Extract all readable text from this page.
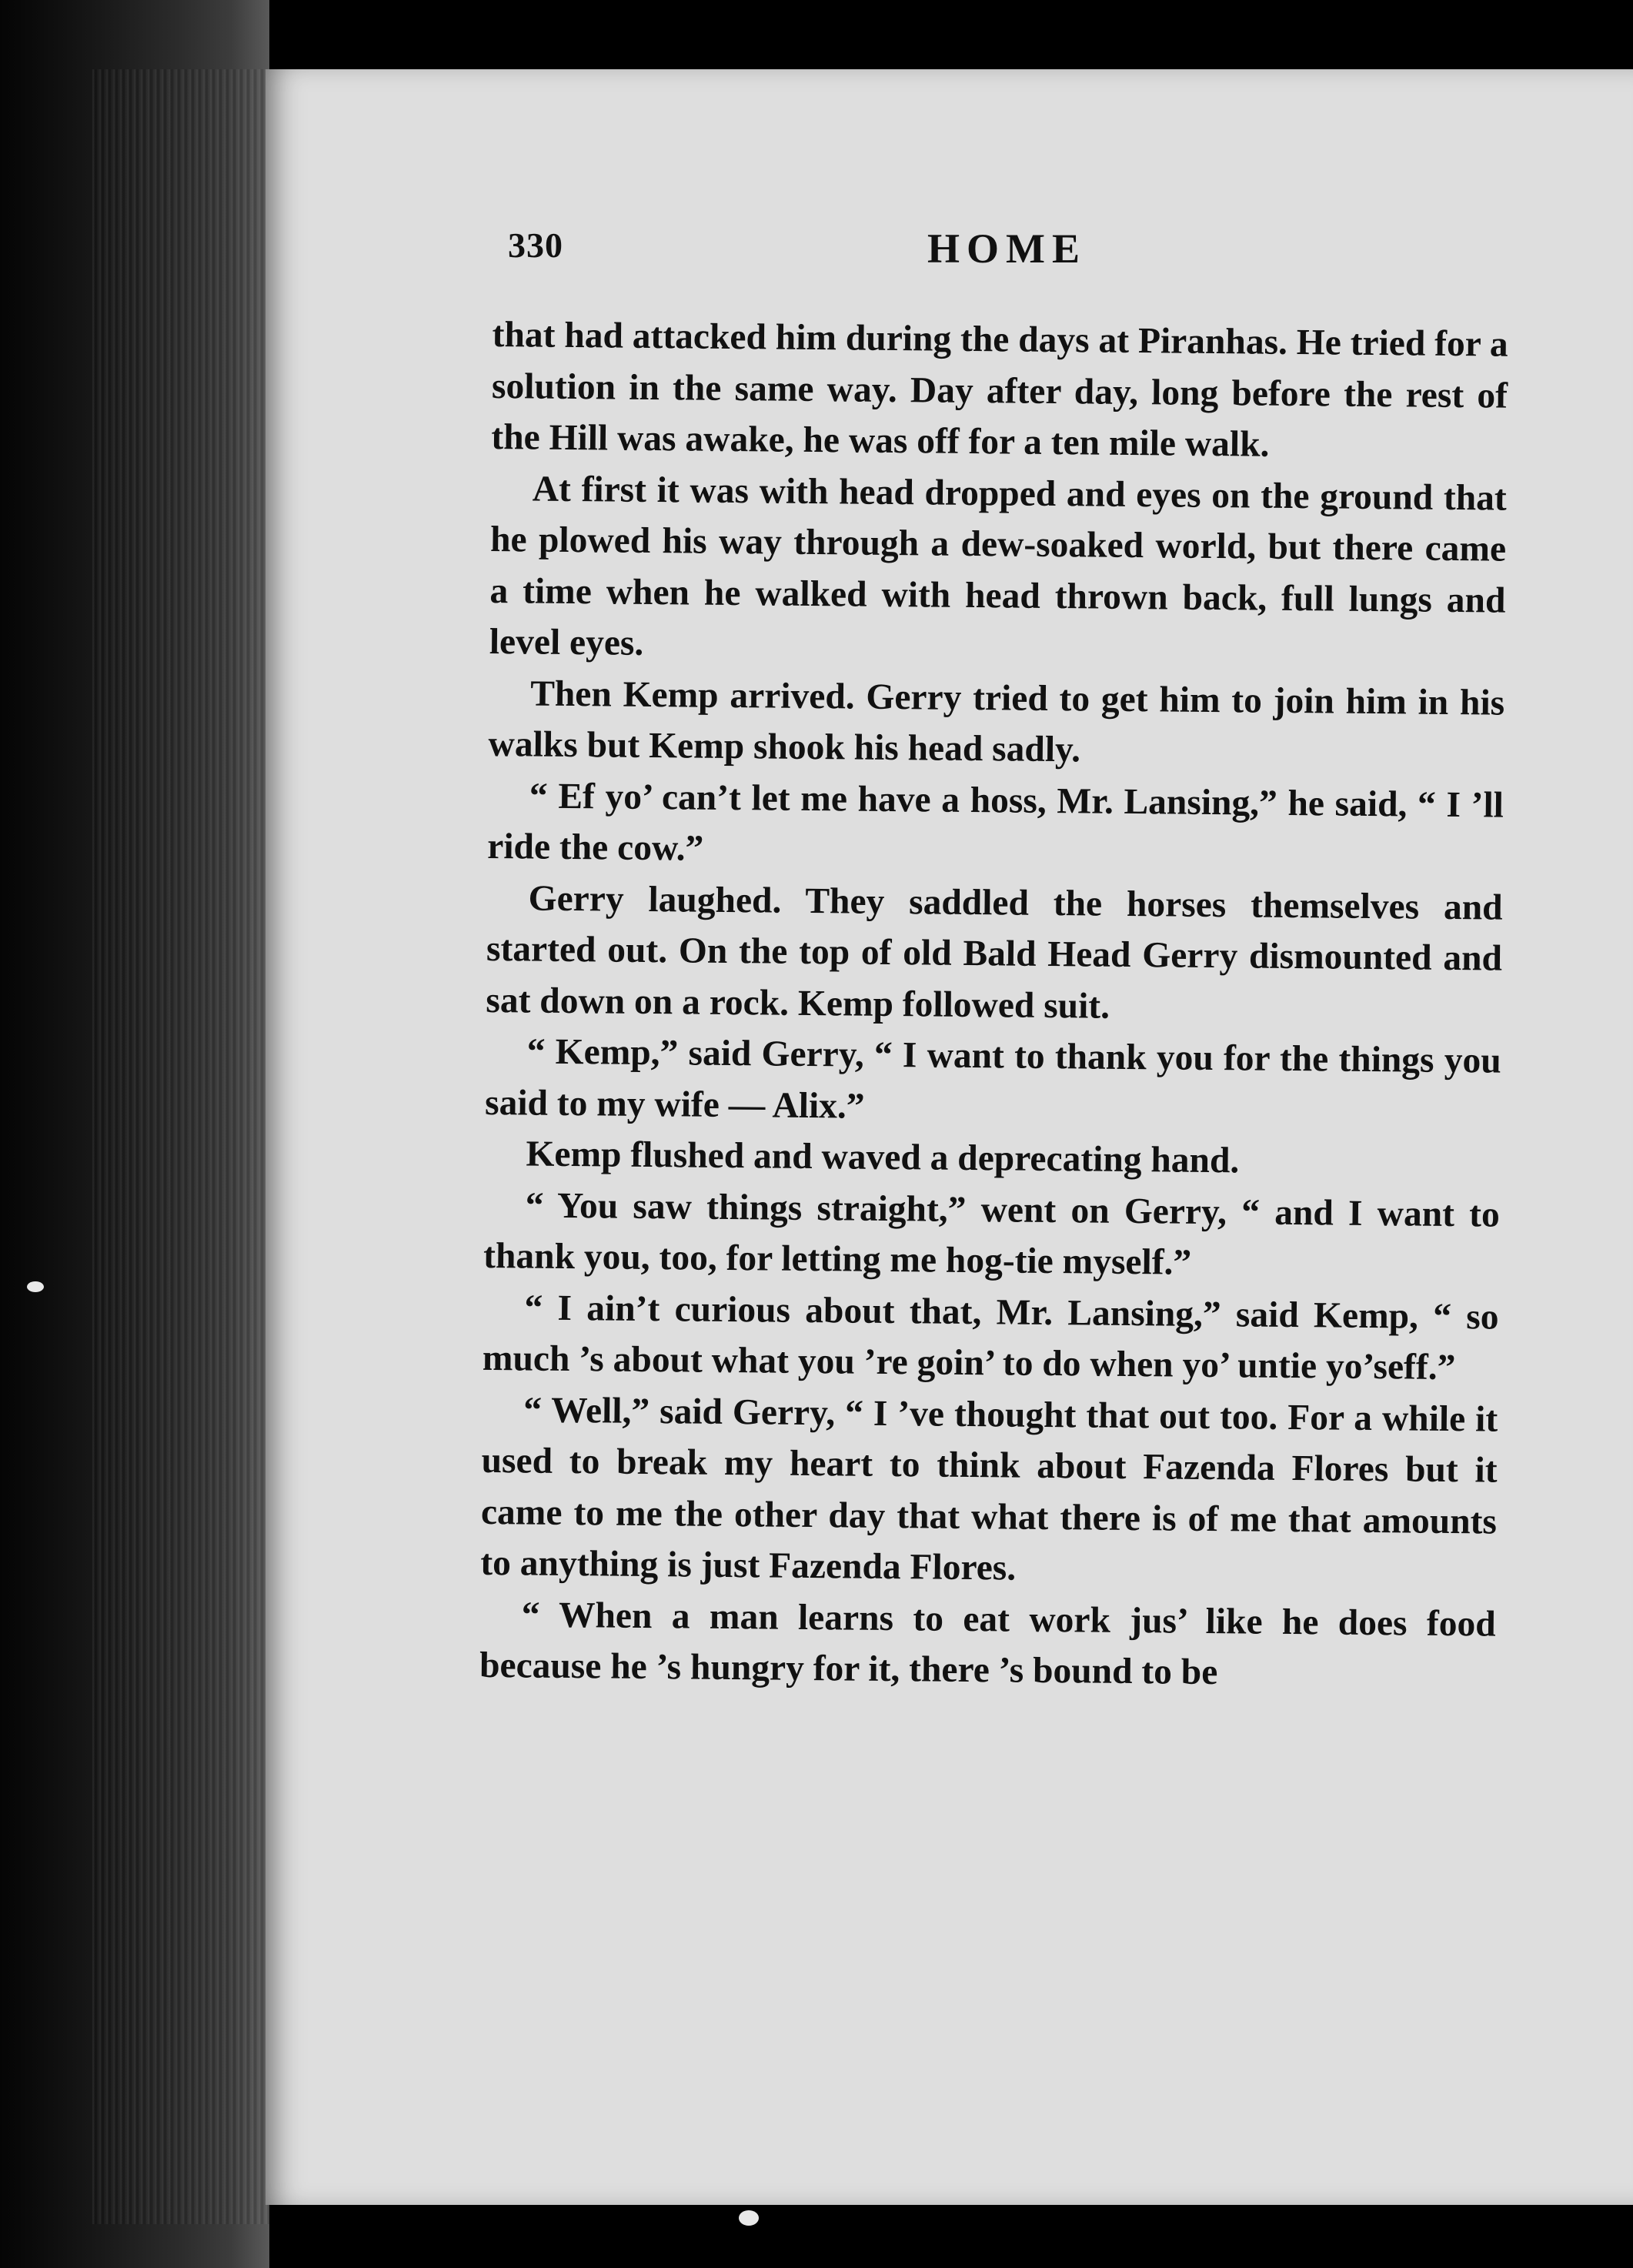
330	HOME

that had attacked him during the days at Piranhas. He tried for a solution in the same way. Day after day, long before the rest of the Hill was awake, he was off for a ten mile walk.

At first it was with head dropped and eyes on the ground that he plowed his way through a dew-soaked world, but there came a time when he walked with head thrown back, full lungs and level eyes.

Then Kemp arrived. Gerry tried to get him to join him in his walks but Kemp shook his head sadly.

“ Ef yo’ can’t let me have a hoss, Mr. Lansing,” he said, “ I ’ll ride the cow.”

Gerry laughed. They saddled the horses themselves and started out. On the top of old Bald Head Gerry dismounted and sat down on a rock. Kemp followed suit.

“ Kemp,” said Gerry, “ I want to thank you for the things you said to my wife — Alix.”

Kemp flushed and waved a deprecating hand.

“ You saw things straight,” went on Gerry, “ and I want to thank you, too, for letting me hog-tie myself.”

“ I ain’t curious about that, Mr. Lansing,” said Kemp, “ so much ’s about what you ’re goin’ to do when yo’ untie yo’seff.”

“ Well,” said Gerry, “ I ’ve thought that out too. For a while it used to break my heart to think about Fazenda Flores but it came to me the other day that what there is of me that amounts to anything is just Fazenda Flores.

“ When a man learns to eat work jus’ like he does food because he ’s hungry for it, there ’s bound to be
